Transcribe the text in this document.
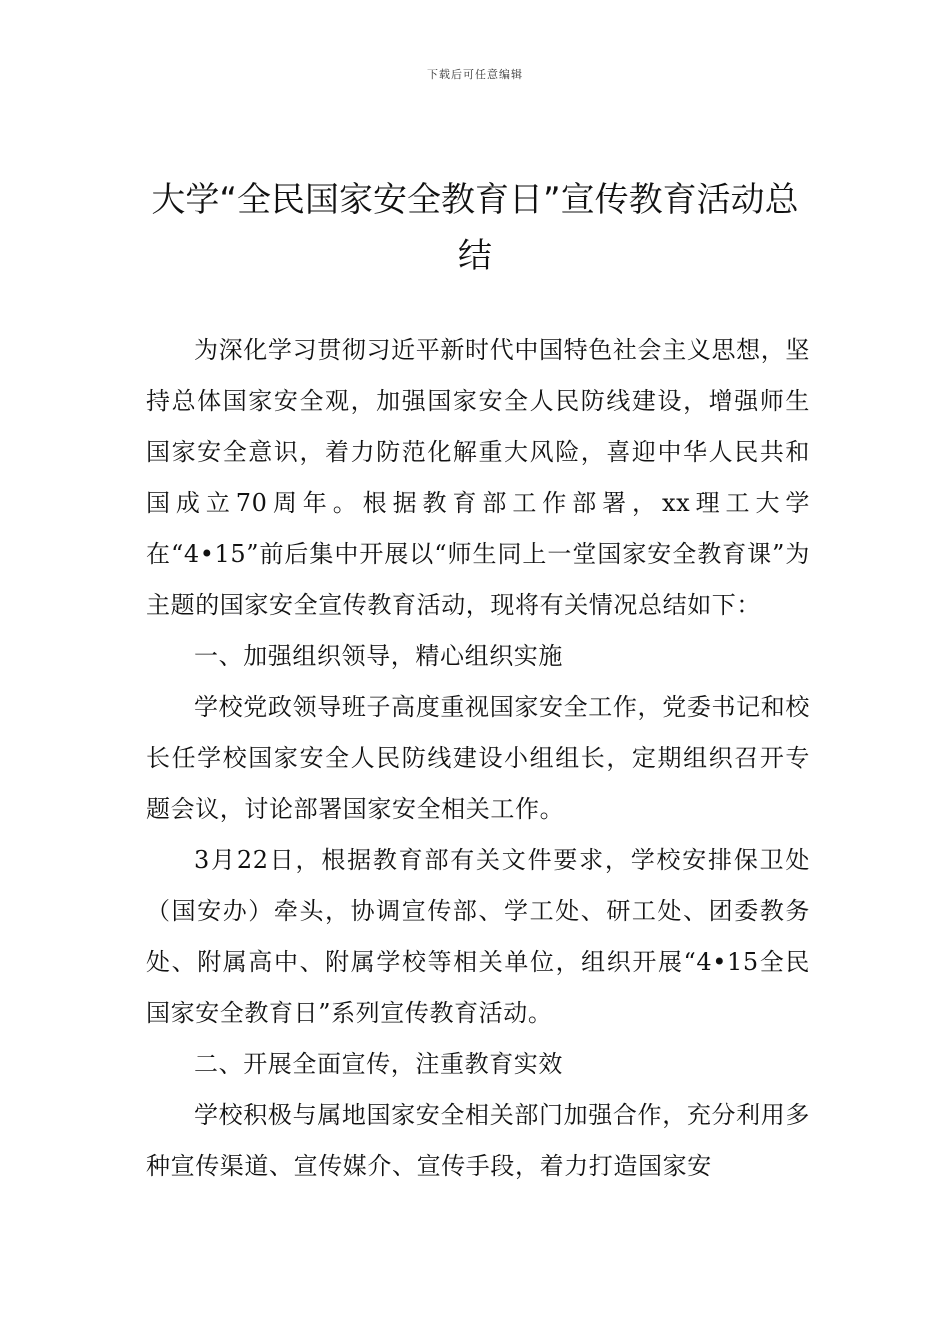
下载后可任意编辑
大学“全民国家安全教育日”宣传教育活动总结

为深化学习贯彻习近平新时代中国特色社会主义思想，坚持总体国家安全观，加强国家安全人民防线建设，增强师生国家安全意识，着力防范化解重大风险，喜迎中华人民共和国成立70周年。根据教育部工作部署，xx理工大学在“4•15”前后集中开展以“师生同上一堂国家安全教育课”为主题的国家安全宣传教育活动，现将有关情况总结如下：

一、加强组织领导，精心组织实施

学校党政领导班子高度重视国家安全工作，党委书记和校长任学校国家安全人民防线建设小组组长，定期组织召开专题会议，讨论部署国家安全相关工作。

3月22日，根据教育部有关文件要求，学校安排保卫处（国安办）牵头，协调宣传部、学工处、研工处、团委教务处、附属高中、附属学校等相关单位，组织开展“4•15全民国家安全教育日”系列宣传教育活动。

二、开展全面宣传，注重教育实效

学校积极与属地国家安全相关部门加强合作，充分利用多种宣传渠道、宣传媒介、宣传手段，着力打造国家安
